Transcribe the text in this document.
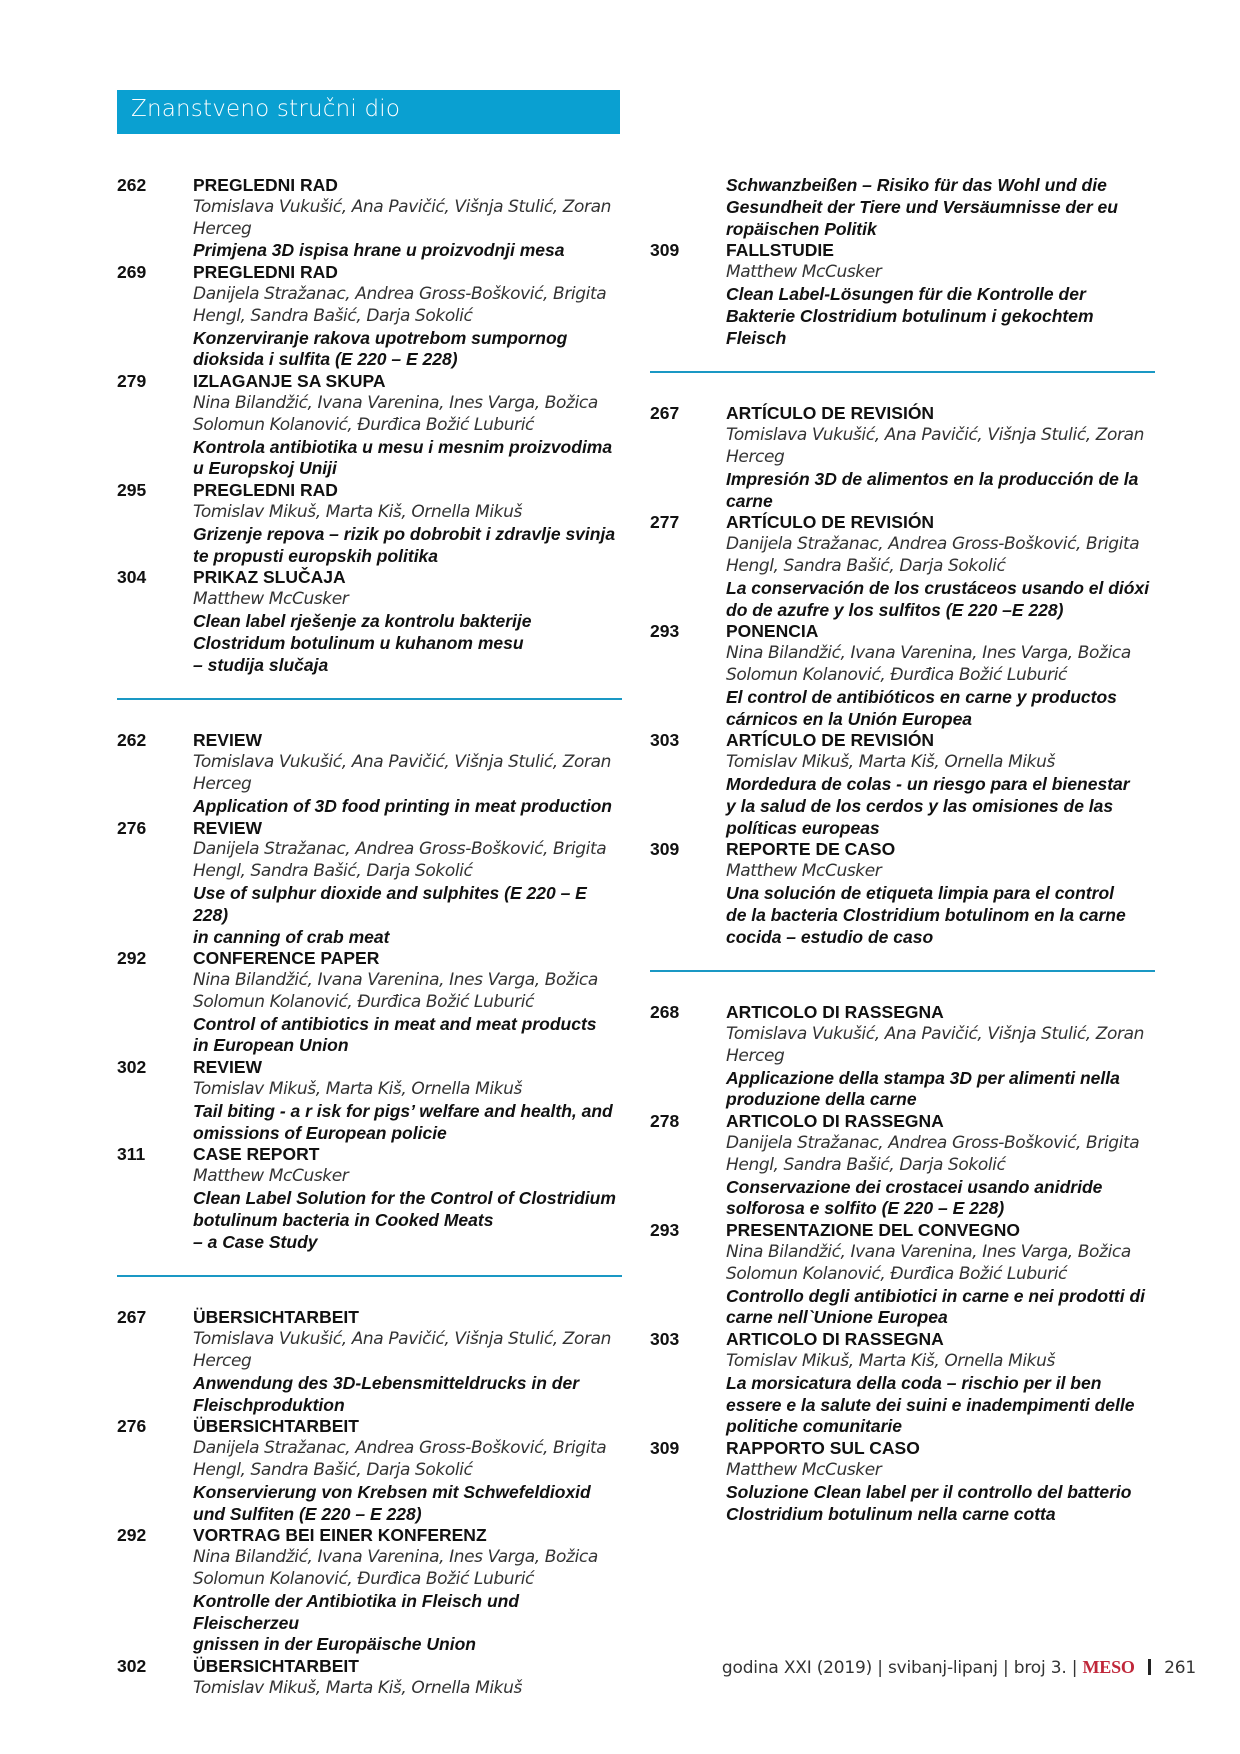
Znanstveno stručni dio
262	PREGLEDNI RAD
Tomislava Vukušić, Ana Pavičić, Višnja Stulić, Zoran
Herceg
Primjena 3D ispisa hrane u proizvodnji mesa
269	PREGLEDNI RAD
Danijela Stražanac, Andrea Gross-Bošković, Brigita
Hengl, Sandra Bašić, Darja Sokolić
Konzerviranje rakova upotrebom sumpornog
dioksida i sulfita (E 220 – E 228)
279	IZLAGANJE SA SKUPA
Nina Bilandžić, Ivana Varenina, Ines Varga, Božica
Solomun Kolanović, Đurđica Božić Luburić
Kontrola antibiotika u mesu i mesnim proizvodima
u Europskoj Uniji
295	PREGLEDNI RAD
Tomislav Mikuš, Marta Kiš, Ornella Mikuš
Grizenje repova – rizik po dobrobit i zdravlje svinja
te propusti europskih politika
304	PRIKAZ SLUČAJA
Matthew McCusker
Clean label rješenje za kontrolu bakterije
Clostridum botulinum u kuhanom mesu
– studija slučaja
262	REVIEW
Tomislava Vukušić, Ana Pavičić, Višnja Stulić, Zoran
Herceg
Application of 3D food printing in meat production
276	REVIEW
Danijela Stražanac, Andrea Gross-Bošković, Brigita
Hengl, Sandra Bašić, Darja Sokolić
Use of sulphur dioxide and sulphites (E 220 – E 228)
in canning of crab meat
292	CONFERENCE PAPER
Nina Bilandžić, Ivana Varenina, Ines Varga, Božica
Solomun Kolanović, Đurđica Božić Luburić
Control of antibiotics in meat and meat products
in European Union
302	REVIEW
Tomislav Mikuš, Marta Kiš, Ornella Mikuš
Tail biting - a r isk for pigs’ welfare and health, and
omissions of European policie
311	CASE REPORT
Matthew McCusker
Clean Label Solution for the Control of Clostridium
botulinum bacteria in Cooked Meats
– a Case Study
267	ÜBERSICHTARBEIT
Tomislava Vukušić, Ana Pavičić, Višnja Stulić, Zoran
Herceg
Anwendung des 3D-Lebensmitteldrucks in der
Fleischproduktion
276	ÜBERSICHTARBEIT
Danijela Stražanac, Andrea Gross-Bošković, Brigita
Hengl, Sandra Bašić, Darja Sokolić
Konservierung von Krebsen mit Schwefeldioxid
und Sulfiten (E 220 – E 228)
292	VORTRAG BEI EINER KONFERENZ
Nina Bilandžić, Ivana Varenina, Ines Varga, Božica
Solomun Kolanović, Đurđica Božić Luburić
Kontrolle der Antibiotika in Fleisch und Fleischerzeu
gnissen in der Europäische Union
302	ÜBERSICHTARBEIT
Tomislav Mikuš, Marta Kiš, Ornella Mikuš
Schwanzbeißen – Risiko für das Wohl und die
Gesundheit der Tiere und Versäumnisse der eu
ropäischen Politik
309	FALLSTUDIE
Matthew McCusker
Clean Label-Lösungen für die Kontrolle der
Bakterie Clostridium botulinum i gekochtem
Fleisch
267	ARTÍCULO DE REVISIÓN
Tomislava Vukušić, Ana Pavičić, Višnja Stulić, Zoran
Herceg
Impresión 3D de alimentos en la producción de la carne
277	ARTÍCULO DE REVISIÓN
Danijela Stražanac, Andrea Gross-Bošković, Brigita
Hengl, Sandra Bašić, Darja Sokolić
La conservación de los crustáceos usando el dióxi
do de azufre y los sulfitos (E 220 –E 228)
293	PONENCIA
Nina Bilandžić, Ivana Varenina, Ines Varga, Božica
Solomun Kolanović, Đurđica Božić Luburić
El control de antibióticos en carne y productos
cárnicos en la Unión Europea
303	ARTÍCULO DE REVISIÓN
Tomislav Mikuš, Marta Kiš, Ornella Mikuš
Mordedura de colas - un riesgo para el bienestar
y la salud de los cerdos y las omisiones de las
políticas europeas
309	REPORTE DE CASO
Matthew McCusker
Una solución de etiqueta limpia para el control
de la bacteria Clostridium botulinom en la carne
cocida – estudio de caso
268	ARTICOLO DI RASSEGNA
Tomislava Vukušić, Ana Pavičić, Višnja Stulić, Zoran
Herceg
Applicazione della stampa 3D per alimenti nella
produzione della carne
278	ARTICOLO DI RASSEGNA
Danijela Stražanac, Andrea Gross-Bošković, Brigita
Hengl, Sandra Bašić, Darja Sokolić
Conservazione dei crostacei usando anidride
solforosa e solfito (E 220 – E 228)
293	PRESENTAZIONE DEL CONVEGNO
Nina Bilandžić, Ivana Varenina, Ines Varga, Božica
Solomun Kolanović, Đurđica Božić Luburić
Controllo degli antibiotici in carne e nei prodotti di
carne nell`Unione Europea
303	ARTICOLO DI RASSEGNA
Tomislav Mikuš, Marta Kiš, Ornella Mikuš
La morsicatura della coda – rischio per il ben
essere e la salute dei suini e inadempimenti delle
politiche comunitarie
309	RAPPORTO SUL CASO
Matthew McCusker
Soluzione Clean label per il controllo del batterio
Clostridium botulinum nella carne cotta
godina XXI (2019) | svibanj-lipanj | broj 3. | MESO 261
